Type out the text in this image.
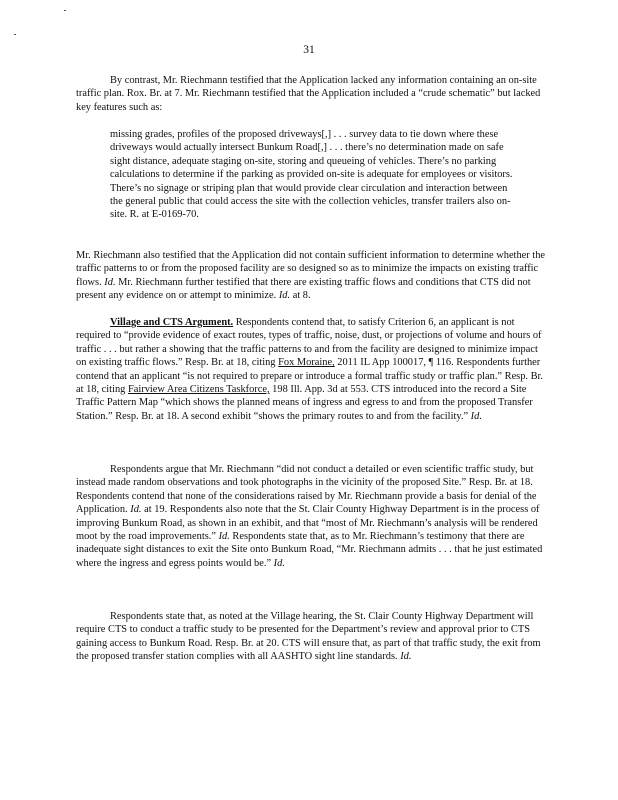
31

By contrast, Mr. Riechmann testified that the Application lacked any information containing an on-site traffic plan. Rox. Br. at 7. Mr. Riechmann testified that the Application included a “crude schematic” but lacked key features such as:

missing grades, profiles of the proposed driveways[,] . . . survey data to tie down where these driveways would actually intersect Bunkum Road[,] . . . there’s no determination made on safe sight distance, adequate staging on-site, storing and queueing of vehicles. There’s no parking calculations to determine if the parking as provided on-site is adequate for employees or visitors. There’s no signage or striping plan that would provide clear circulation and interaction between the general public that could access the site with the collection vehicles, transfer trailers also on-site. R. at E-0169-70.

Mr. Riechmann also testified that the Application did not contain sufficient information to determine whether the traffic patterns to or from the proposed facility are so designed so as to minimize the impacts on existing traffic flows. Id. Mr. Riechmann further testified that there are existing traffic flows and conditions that CTS did not present any evidence on or attempt to minimize. Id. at 8.

Village and CTS Argument. Respondents contend that, to satisfy Criterion 6, an applicant is not required to “provide evidence of exact routes, types of traffic, noise, dust, or projections of volume and hours of traffic . . . but rather a showing that the traffic patterns to and from the facility are designed to minimize impact on existing traffic flows.” Resp. Br. at 18, citing Fox Moraine, 2011 IL App 100017, ¶ 116. Respondents further contend that an applicant “is not required to prepare or introduce a formal traffic study or traffic plan.” Resp. Br. at 18, citing Fairview Area Citizens Taskforce, 198 Ill. App. 3d at 553. CTS introduced into the record a Site Traffic Pattern Map “which shows the planned means of ingress and egress to and from the proposed Transfer Station.” Resp. Br. at 18. A second exhibit “shows the primary routes to and from the facility.” Id.

Respondents argue that Mr. Riechmann “did not conduct a detailed or even scientific traffic study, but instead made random observations and took photographs in the vicinity of the proposed Site.” Resp. Br. at 18. Respondents contend that none of the considerations raised by Mr. Riechmann provide a basis for denial of the Application. Id. at 19. Respondents also note that the St. Clair County Highway Department is in the process of improving Bunkum Road, as shown in an exhibit, and that “most of Mr. Riechmann’s analysis will be rendered moot by the road improvements.” Id. Respondents state that, as to Mr. Riechmann’s testimony that there are inadequate sight distances to exit the Site onto Bunkum Road, “Mr. Riechmann admits . . . that he just estimated where the ingress and egress points would be.” Id.

Respondents state that, as noted at the Village hearing, the St. Clair County Highway Department will require CTS to conduct a traffic study to be presented for the Department’s review and approval prior to CTS gaining access to Bunkum Road. Resp. Br. at 20. CTS will ensure that, as part of that traffic study, the exit from the proposed transfer station complies with all AASHTO sight line standards. Id.
